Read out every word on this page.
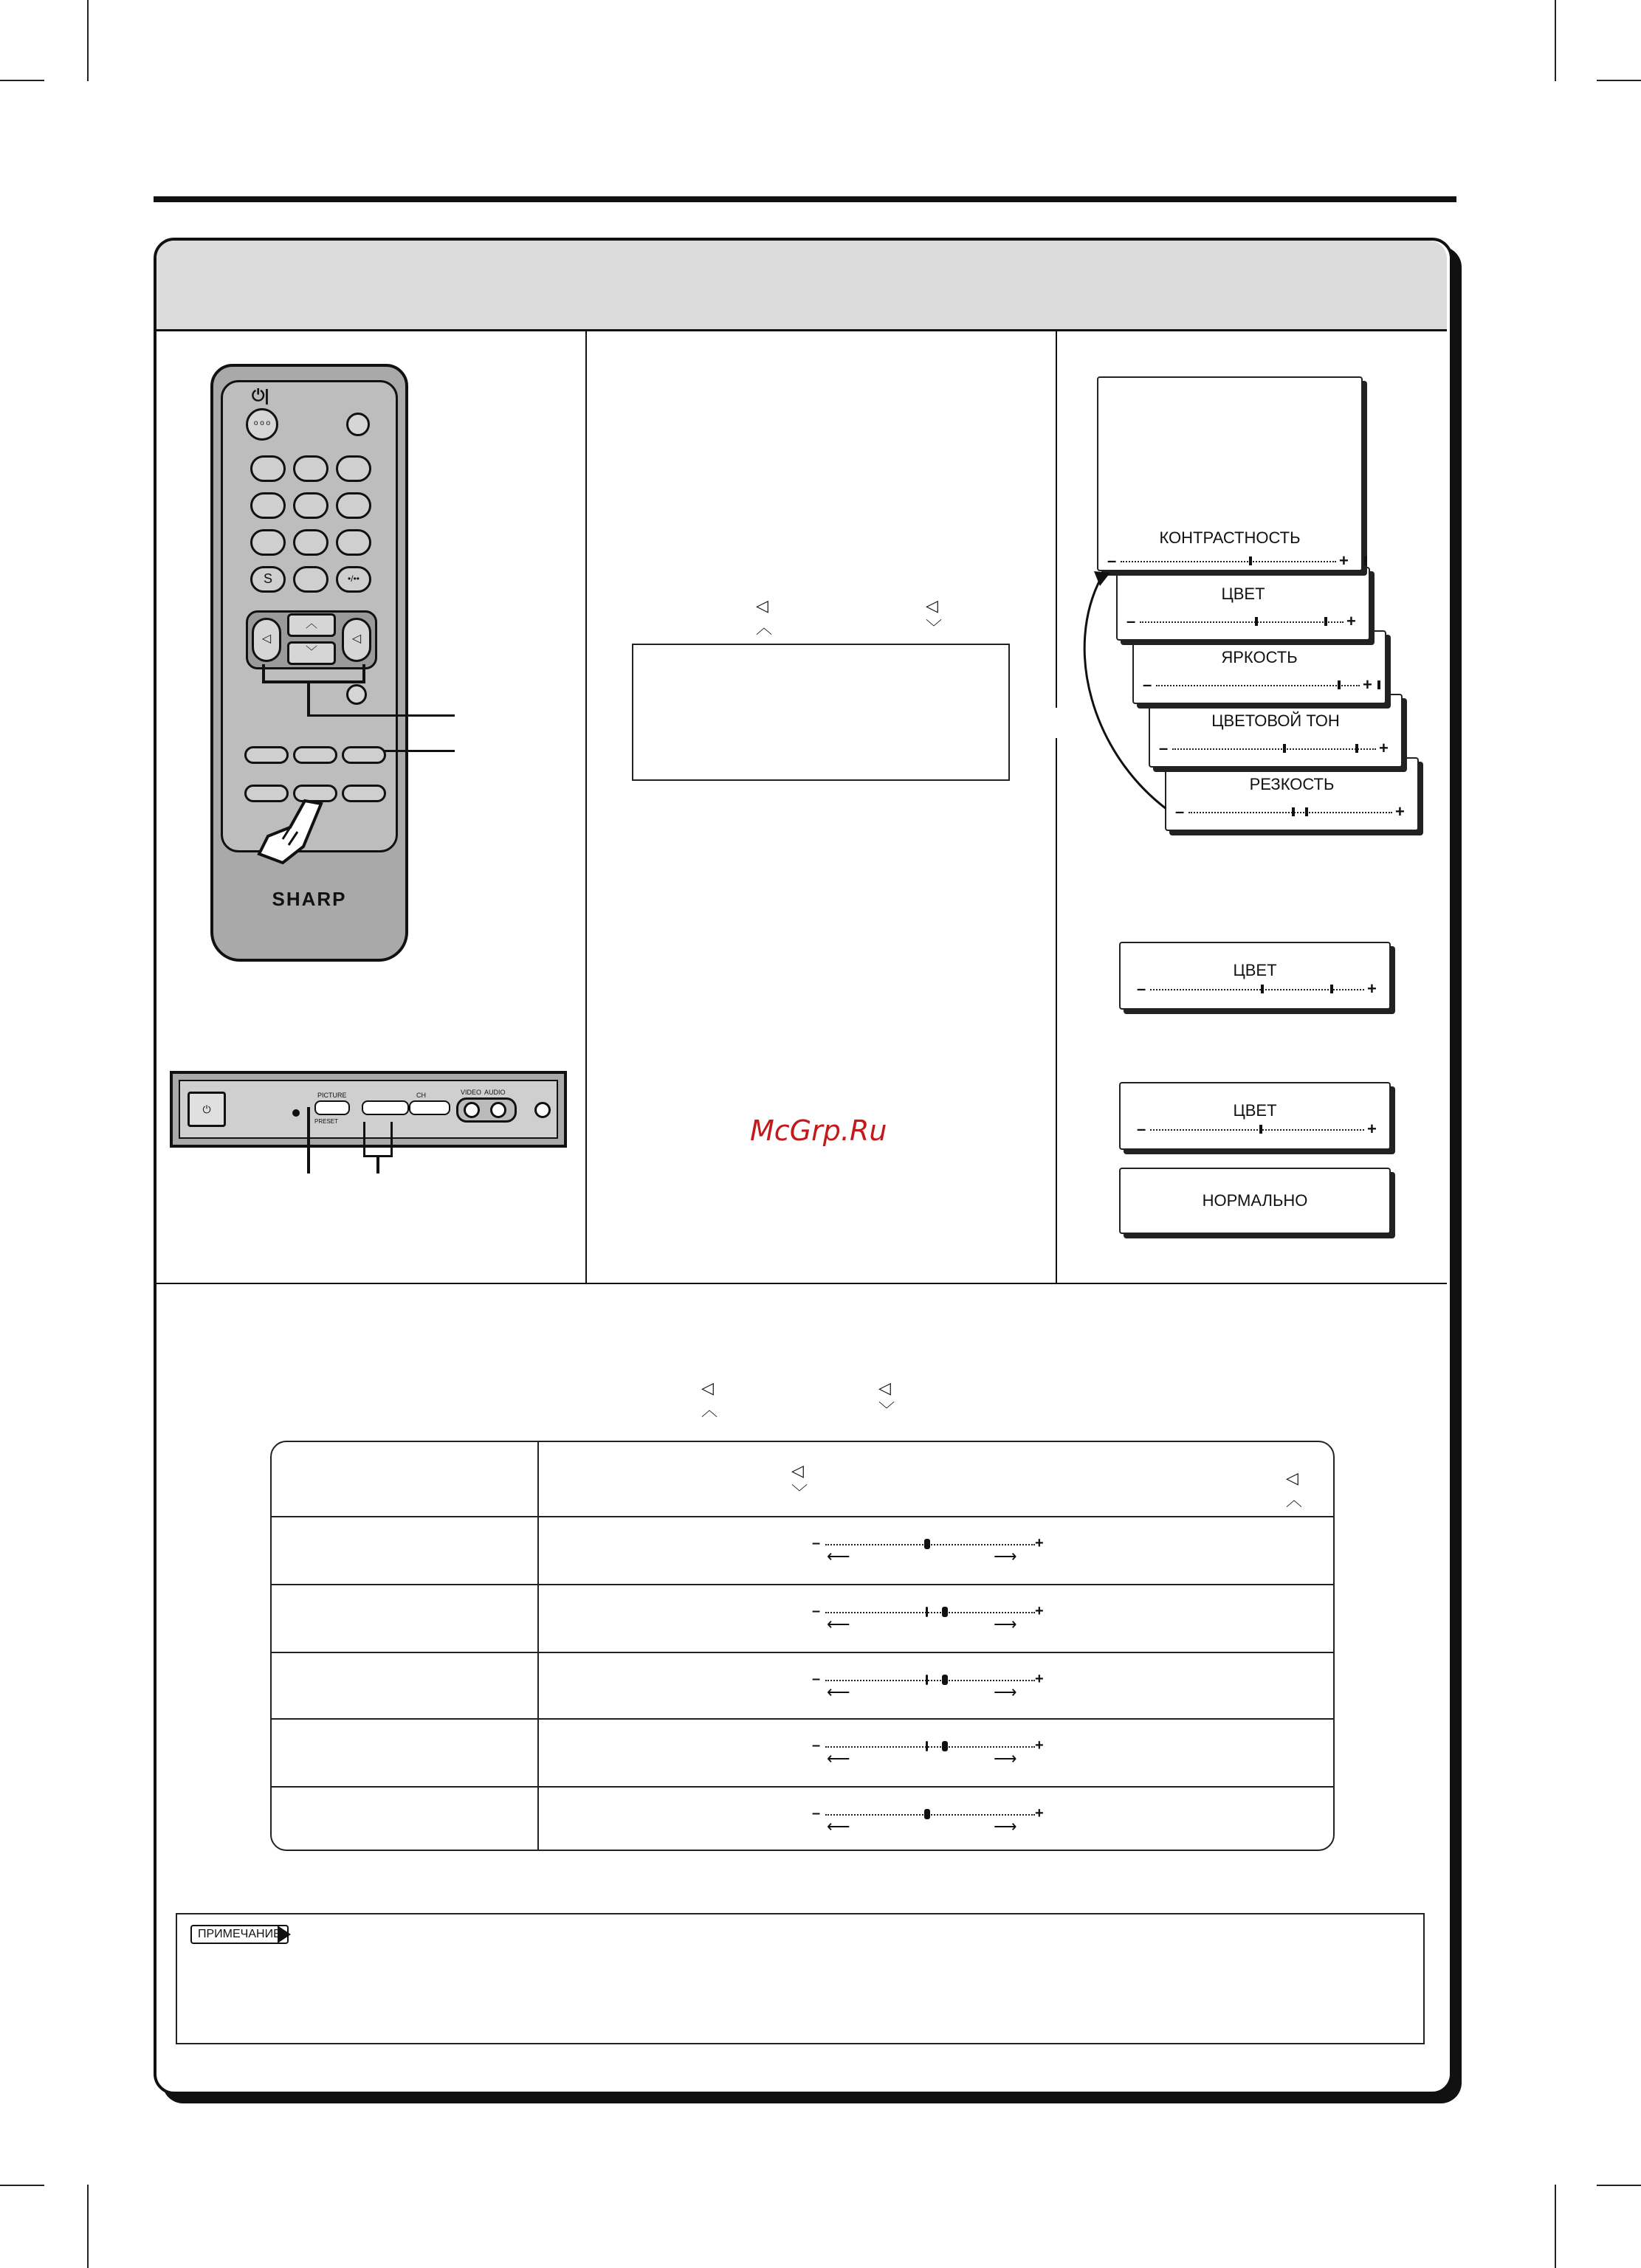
⏻|
o o o
S	•/••
◁
︿
﹀
◁
SHARP
⏻
PICTURE
PRESET
CH	VIDEO AUDIO
◁
︿
◁
﹀
McGrp.Ru
РЕЗКОСТЬ
–	+
ЦВЕТОВОЙ ТОН
–	+
ЯРКОСТЬ
–	+
ЦВЕТ
–	+
КОНТРАСТНОСТЬ
–	+
ЦВЕТ
–	+
ЦВЕТ
–	+
НОРМАЛЬНО
◁
︿
◁
﹀
◁
﹀
◁
︿
–	+
⟵	⟶
–	+
⟵	⟶
–	+
⟵	⟶
–	+
⟵	⟶
–	+
⟵	⟶
ПРИМЕЧАНИЕ
